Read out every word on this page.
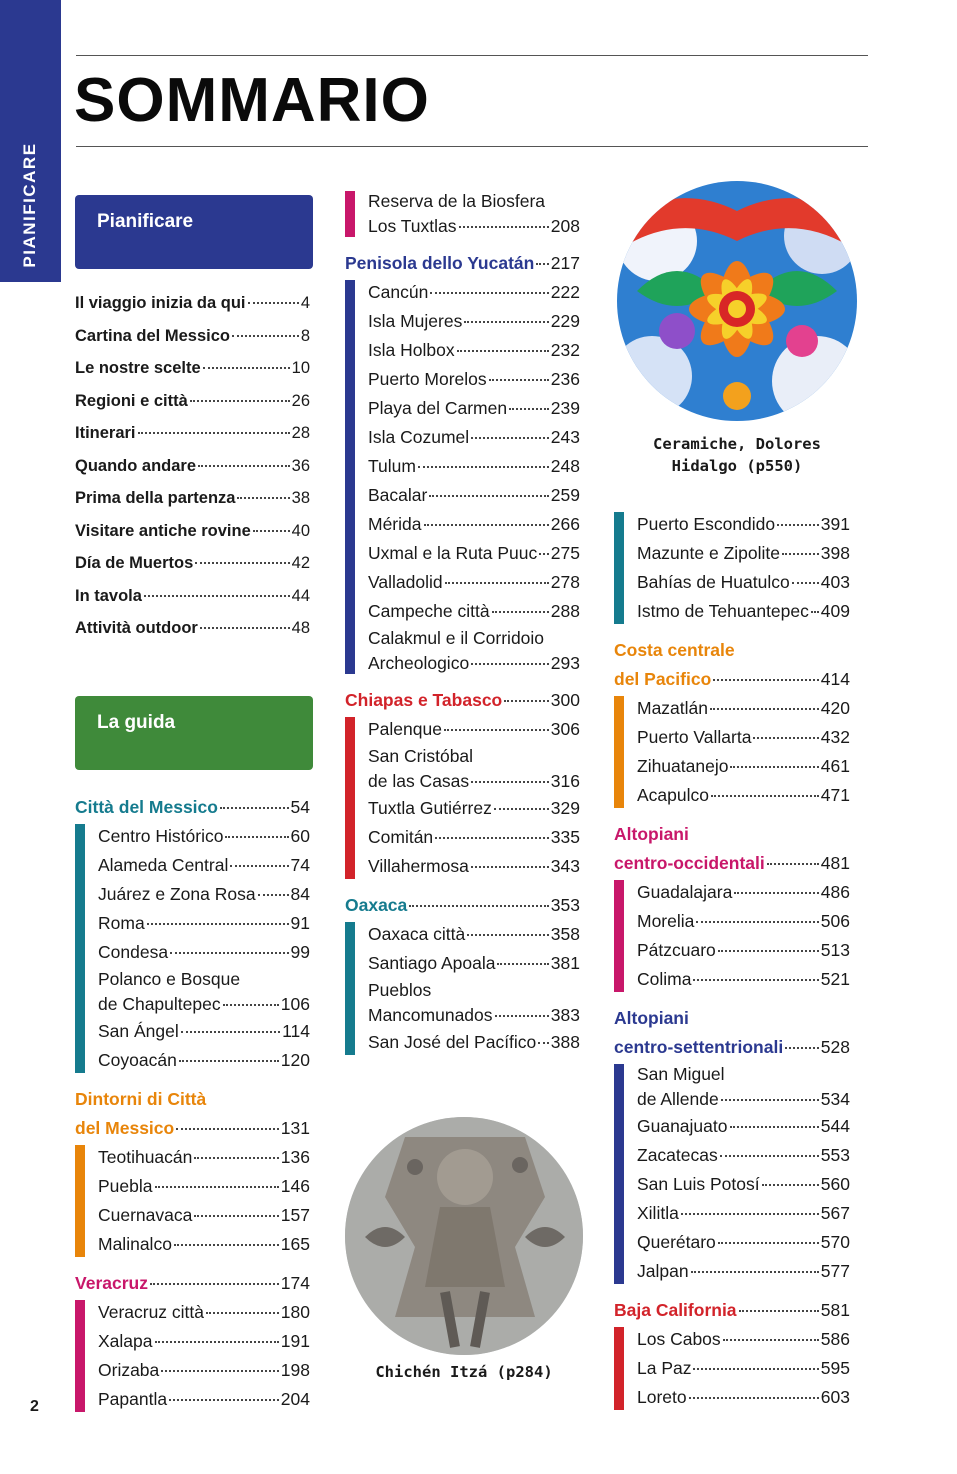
PIANIFICARE
SOMMARIO
Pianificare
Il viaggio inizia da qui	4
Cartina del Messico	8
Le nostre scelte	10
Regioni e città	26
Itinerari	28
Quando andare	36
Prima della partenza	38
Visitare antiche rovine 40
Día de Muertos	42
In tavola	44
Attività outdoor	48
La guida
Città del Messico	54
Centro Histórico	60
Alameda Central	74
Juárez e Zona Rosa 84
Roma	91
Condesa	99
Polanco e Bosque
de Chapultepec	106
San Ángel	114
Coyoacán	120
Dintorni di Città
del Messico	131
Teotihuacán	136
Puebla	146
Cuernavaca	157
Malinalco	165
Veracruz	174
Veracruz città	180
Xalapa	191
Orizaba	198
Papantla	204
Reserva de la Biosfera
Los Tuxtlas	208
Penisola dello Yucatán 217
Cancún	222
Isla Mujeres	229
Isla Holbox	232
Puerto Morelos	236
Playa del Carmen 239
Isla Cozumel	243
Tulum	248
Bacalar	259
Mérida	266
Uxmal e la Ruta Puuc 275
Valladolid	278
Campeche città	288
Calakmul e il Corridoio
Archeologico	293
Chiapas e Tabasco	300
Palenque	306
San Cristóbal
de las Casas	316
Tuxtla Gutiérrez	329
Comitán	335
Villahermosa	343
Oaxaca	353
Oaxaca città	358
Santiago Apoala	381
Pueblos
Mancomunados	383
San José del Pacífico 388
Puerto Escondido	391
Mazunte e Zipolite 398
Bahías de Huatulco 403
Istmo de Tehuantepec 409
Costa centrale
del Pacifico	414
Mazatlán	420
Puerto Vallarta	432
Zihuatanejo	461
Acapulco	471
Altopiani
centro-occidentali	481
Guadalajara	486
Morelia	506
Pátzcuaro	513
Colima	521
Altopiani
centro-settentrionali 528
San Miguel
de Allende	534
Guanajuato	544
Zacatecas	553
San Luis Potosí	560
Xilitla	567
Querétaro	570
Jalpan	577
Baja California	581
Los Cabos	586
La Paz	595
Loreto	603
Ceramiche, Dolores
Hidalgo (p550)
Chichén Itzá (p284)
2
